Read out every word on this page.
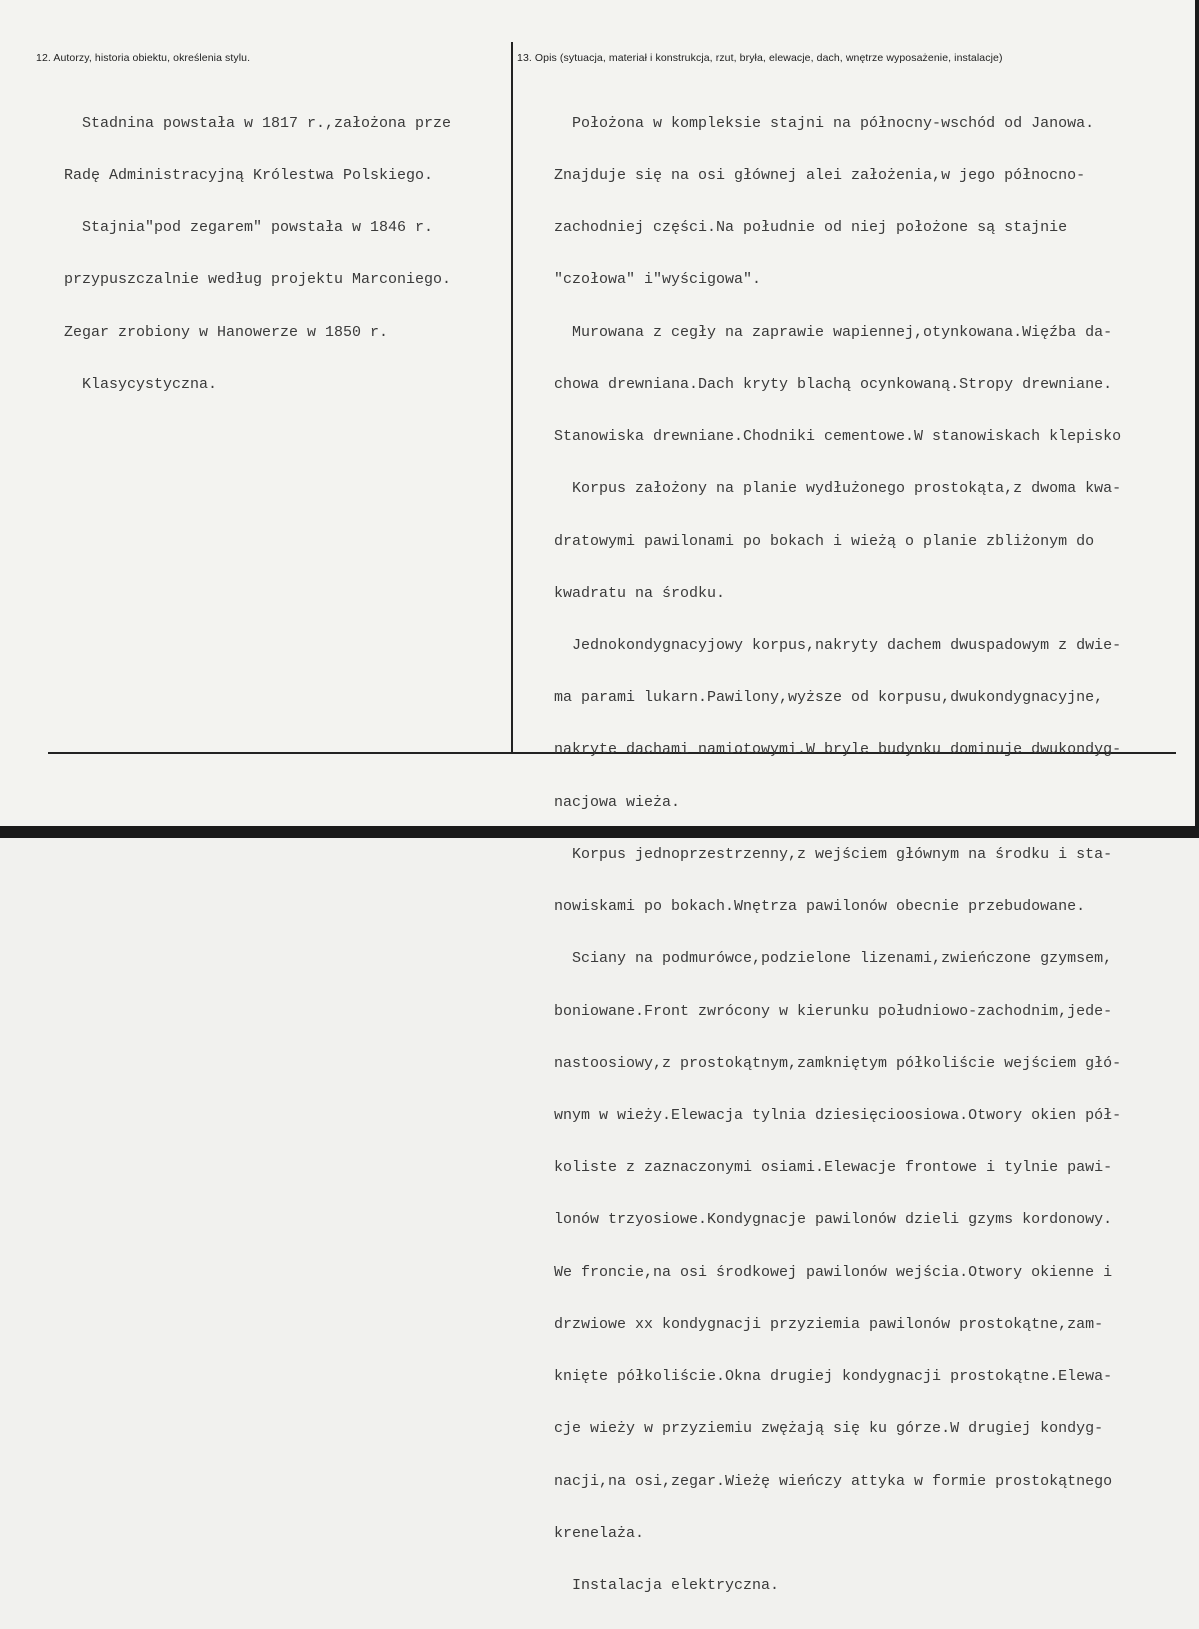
12. Autorzy, historia obiektu, określenia stylu.	13. Opis (sytuacja, materiał i konstrukcja, rzut, bryła, elewacje, dach, wnętrze wyposażenie, instalacje)

Stadnina powstała w 1817 r.,założona prze

Radę Administracyjną Królestwa Polskiego.

Stajnia"pod zegarem" powstała w 1846 r.

przypuszczalnie według projektu Marconiego.

Zegar zrobiony w Hanowerze w 1850 r.

Klasycystyczna.

Położona w kompleksie stajni na północny-wschód od Janowa.

Znajduje się na osi głównej alei założenia,w jego północno-

zachodniej części.Na południe od niej położone są stajnie

"czołowa" i"wyścigowa".

Murowana z cegły na zaprawie wapiennej,otynkowana.Więźba da-

chowa drewniana.Dach kryty blachą ocynkowaną.Stropy drewniane.

Stanowiska drewniane.Chodniki cementowe.W stanowiskach klepisko

Korpus założony na planie wydłużonego prostokąta,z dwoma kwa-

dratowymi pawilonami po bokach i wieżą o planie zbliżonym do

kwadratu na środku.

Jednokondygnacyjowy korpus,nakryty dachem dwuspadowym z dwie-

ma parami lukarn.Pawilony,wyższe od korpusu,dwukondygnacyjne,

nakryte dachami namiotowymi.W bryle budynku dominuje dwukondyg-

nacjowa wieża.

Korpus jednoprzestrzenny,z wejściem głównym na środku i sta-

nowiskami po bokach.Wnętrza pawilonów obecnie przebudowane.

Sciany na podmurówce,podzielone lizenami,zwieńczone gzymsem,

boniowane.Front zwrócony w kierunku południowo-zachodnim,jede-

nastoosiowy,z prostokątnym,zamkniętym półkoliście wejściem głó-

wnym w wieży.Elewacja tylnia dziesięcioosiowa.Otwory okien pół-

koliste z zaznaczonymi osiami.Elewacje frontowe i tylnie pawi-

lonów trzyosiowe.Kondygnacje pawilonów dzieli gzyms kordonowy.

We froncie,na osi środkowej pawilonów wejścia.Otwory okienne i

drzwiowe xx kondygnacji przyziemia pawilonów prostokątne,zam-

knięte półkoliście.Okna drugiej kondygnacji prostokątne.Elewa-

cje wieży w przyziemiu zwężają się ku górze.W drugiej kondyg-

nacji,na osi,zegar.Wieżę wieńczy attyka w formie prostokątnego

krenelaża.

Instalacja elektryczna.
